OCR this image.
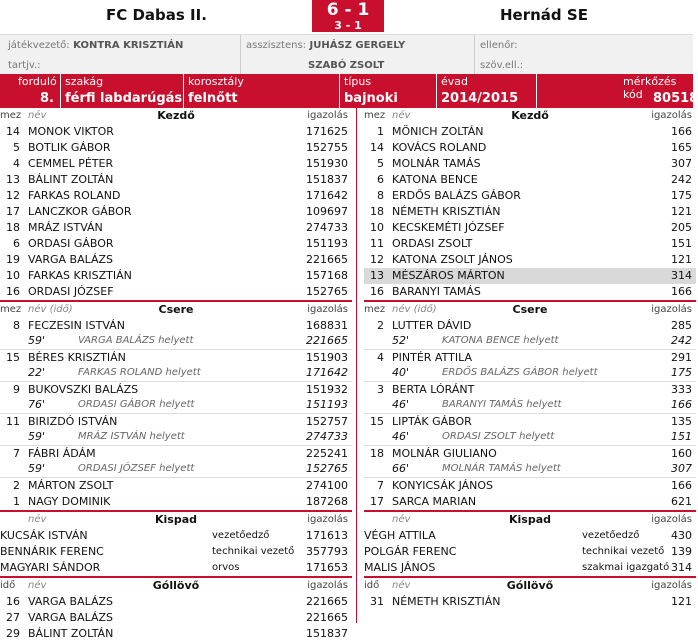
FC Dabas II.	6 - 1
3 - 1
Hernád SE
játékvezető: KONTRA KRISZTIÁN
tartjv.:
asszisztens: JUHÁSZ GERGELY
SZABÓ ZSOLT
ellenőr:
szöv.ell.:
forduló
8.
szakág
férfi labdarúgás
korosztály
felnőtt
típus
bajnoki
évad
2014/2015
mérkőzés kód 80518
Kezdő
mez név	igazolás
14 MONOK VIKTOR	171625
5 BOTLIK GÁBOR	152755
4 CEMMEL PÉTER	151930
13 BÁLINT ZOLTÁN	151837
12 FARKAS ROLAND	171642
17 LANCZKOR GÁBOR	109697
18 MRÁZ ISTVÁN	274733
6 ORDASI GÁBOR	151193
19 VARGA BALÁZS	221665
10 FARKAS KRISZTIÁN	157168
16 ORDASI JÓZSEF	152765
Csere
mez név (idő)	igazolás
8 FECZESIN ISTVÁN	168831
59'	VARGA BALÁZS helyett	221665
15 BÉRES KRISZTIÁN	151903
22'	FARKAS ROLAND helyett	171642
9 BUKOVSZKI BALÁZS	151932
76'	ORDASI GÁBOR helyett	151193
11 BIRIZDÓ ISTVÁN	152757
59'	MRÁZ ISTVÁN helyett	274733
7 FÁBRI ÁDÁM	225241
59'	ORDASI JÓZSEF helyett	152765
2 MÁRTON ZSOLT	274100
1 NAGY DOMINIK	187268
Kispad
név	igazolás
KUCSÁK ISTVÁN	vezetőedző	171613
BENNÁRIK FERENC	technikai vezető 357793
MAGYARI SÁNDOR	orvos	171653
Góllövő
idő név	igazolás
16 VARGA BALÁZS	221665
27 VARGA BALÁZS	221665
29 BÁLINT ZOLTÁN	151837
Kezdő
mez név	igazolás
1 MÖNICH ZOLTÁN	166
14 KOVÁCS ROLAND	165
5 MOLNÁR TAMÁS	307
6 KATONA BENCE	242
8 ERDŐS BALÁZS GÁBOR	175
18 NÉMETH KRISZTIÁN	121
10 KECSKEMÉTI JÓZSEF	205
11 ORDASI ZSOLT	151
12 KATONA ZSOLT JÁNOS	121
13 MÉSZÁROS MÁRTON	314
16 BARANYI TAMÁS	166
Csere
mez név (idő)	igazolás
2 LUTTER DÁVID	285
52'	KATONA BENCE helyett	242
4 PINTÉR ATTILA	291
40'	ERDŐS BALÁZS GÁBOR helyett	175
3 BERTA LÓRÁNT	333
46'	BARANYI TAMÁS helyett	166
15 LIPTÁK GÁBOR	135
46'	ORDASI ZSOLT helyett	151
18 MOLNÁR GIULIANO	160
66'	MOLNÁR TAMÁS helyett	307
7 KONYICSÁK JÁNOS	166
17 SARCA MARIAN	621
Kispad
név	igazolás
VÉGH ATTILA	vezetőedző	430
POLGÁR FERENC	technikai vezető 139
MALIS JÁNOS	szakmai igazgató 314
Góllövő
idő név	igazolás
31 NÉMETH KRISZTIÁN	121
